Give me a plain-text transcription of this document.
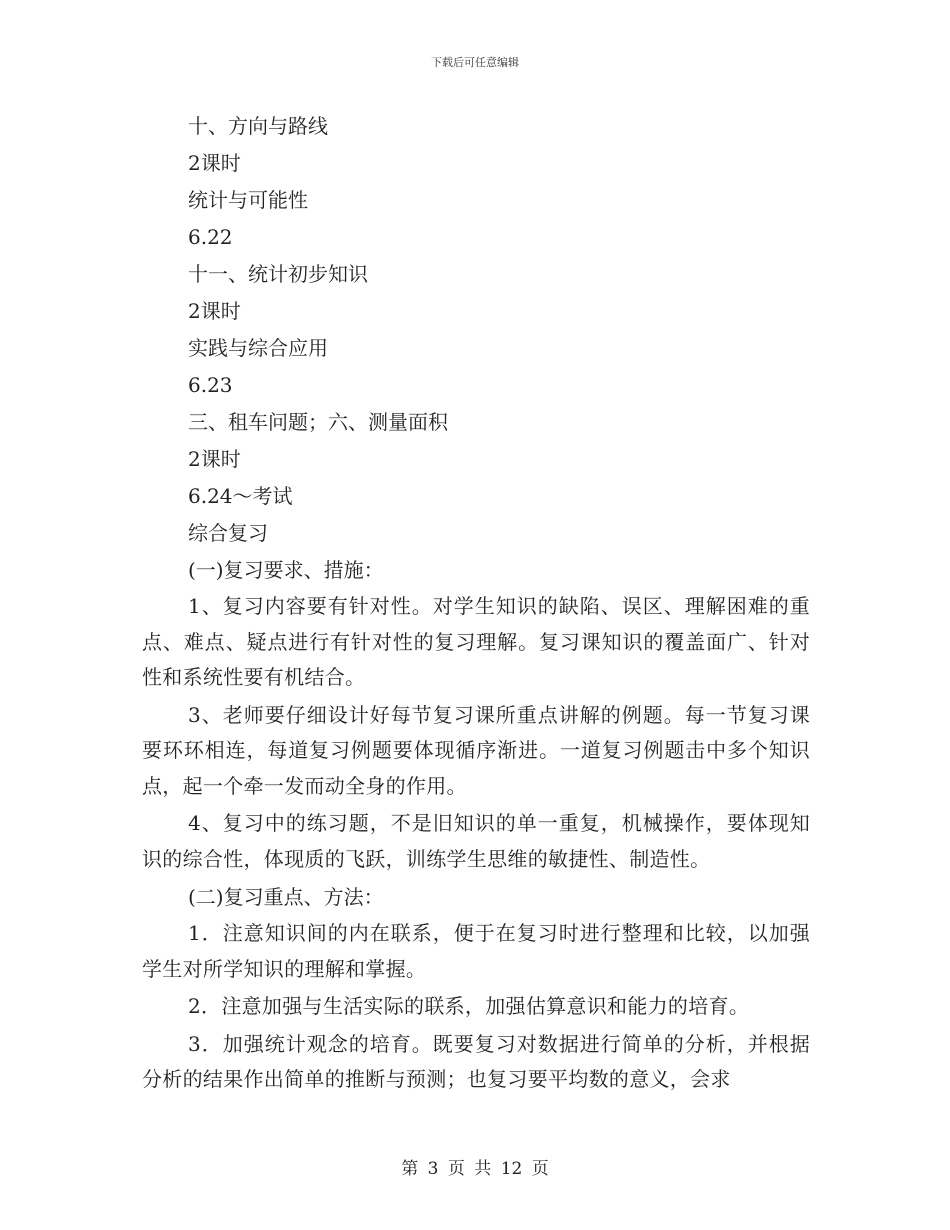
下载后可任意编辑
十、方向与路线
2课时
统计与可能性
6.22
十一、统计初步知识
2课时
实践与综合应用
6.23
三、租车问题；六、测量面积
2课时
6.24～考试
综合复习
(一)复习要求、措施：

1、复习内容要有针对性。对学生知识的缺陷、误区、理解困难的重点、难点、疑点进行有针对性的复习理解。复习课知识的覆盖面广、针对性和系统性要有机结合。

3、老师要仔细设计好每节复习课所重点讲解的例题。每一节复习课要环环相连，每道复习例题要体现循序渐进。一道复习例题击中多个知识点，起一个牵一发而动全身的作用。

4、复习中的练习题，不是旧知识的单一重复，机械操作，要体现知识的综合性，体现质的飞跃，训练学生思维的敏捷性、制造性。

(二)复习重点、方法：

1．注意知识间的内在联系，便于在复习时进行整理和比较，以加强学生对所学知识的理解和掌握。

2．注意加强与生活实际的联系，加强估算意识和能力的培育。

3．加强统计观念的培育。既要复习对数据进行简单的分析，并根据分析的结果作出简单的推断与预测；也复习要平均数的意义，会求

第 3 页 共 12 页
